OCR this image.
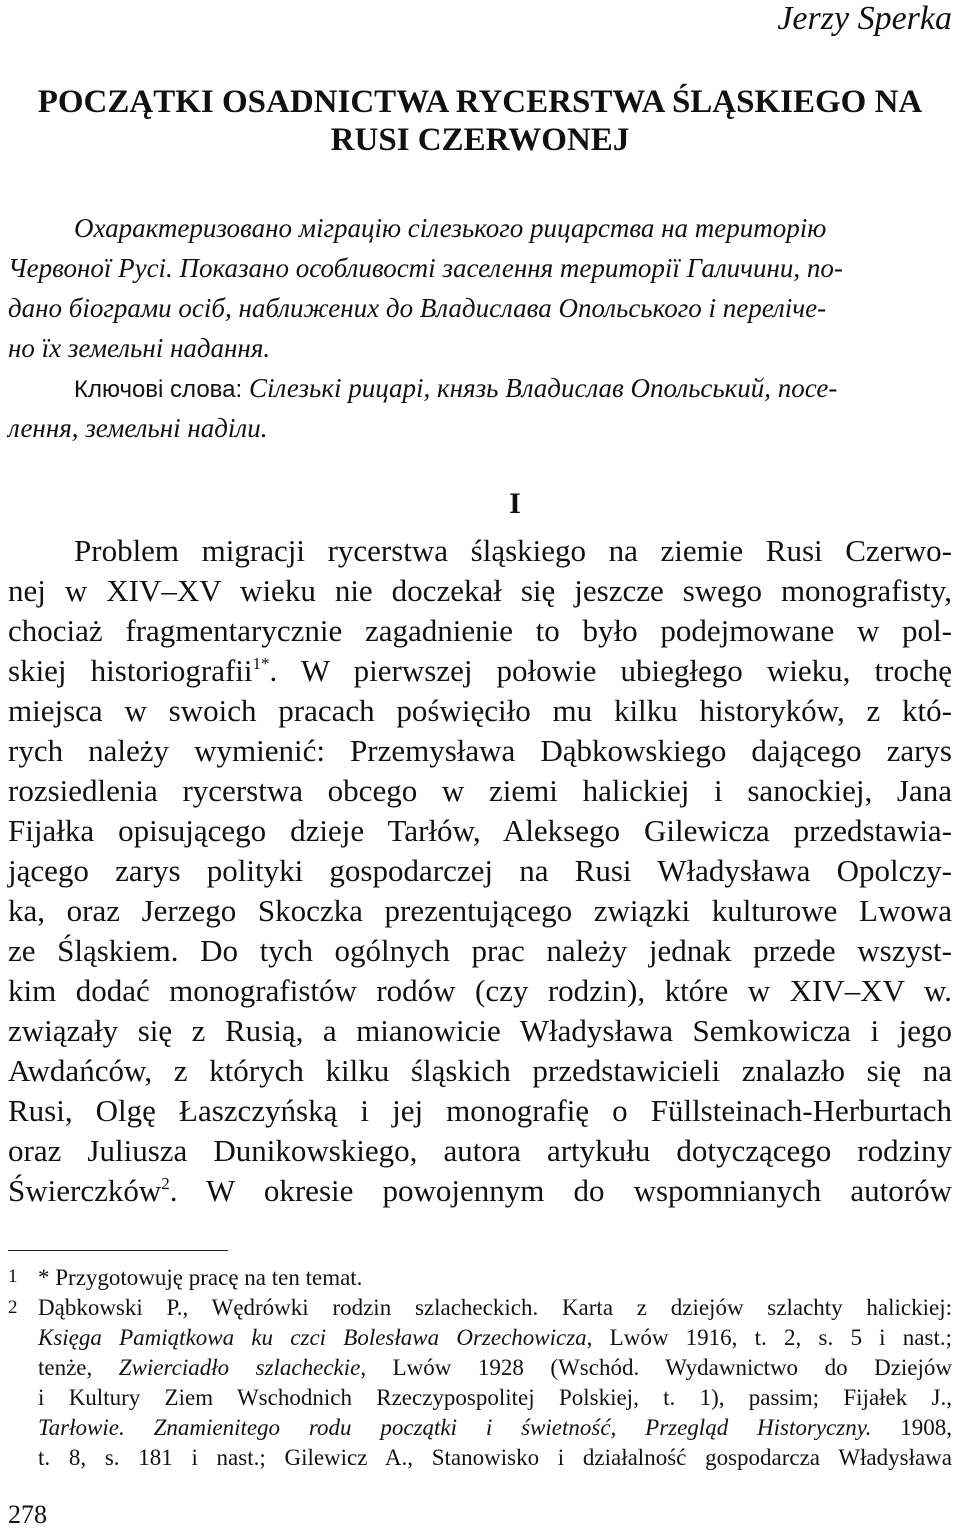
Jerzy Sperka
POCZĄTKI OSADNICTWA RYCERSTWA ŚLĄSKIEGO NA
RUSI CZERWONEJ
Охарактеризовано міграцію сілезького рицарства на територію
Червоної Русі. Показано особливості заселення території Галичини, по-
дано біограми осіб, наближених до Владислава Опольського і переліче-
но їх земельні надання.
Ключові слова: Сілезькі рицарі, князь Владислав Опольський, посе-
лення, земельні наділи.
I
Problem migracji rycerstwa śląskiego na ziemie Rusi Czerwo-
nej w XIV–XV wieku nie doczekał się jeszcze swego monografisty,
chociaż fragmentarycznie zagadnienie to było podejmowane w pol-
skiej historiografii$^{1*}$. W pierwszej połowie ubiegłego wieku, trochę
miejsca w swoich pracach poświęciło mu kilku historyków, z któ-
rych należy wymienić: Przemysława Dąbkowskiego dającego zarys
rozsiedlenia rycerstwa obcego w ziemi halickiej i sanockiej, Jana
Fijałka opisującego dzieje Tarłów, Aleksego Gilewicza przedstawia-
jącego zarys polityki gospodarczej na Rusi Władysława Opolczy-
ka, oraz Jerzego Skoczka prezentującego związki kulturowe Lwowa
ze Śląskiem. Do tych ogólnych prac należy jednak przede wszyst-
kim dodać monografistów rodów (czy rodzin), które w XIV–XV w.
związały się z Rusią, a mianowicie Władysława Semkowicza i jego
Awdańców, z których kilku śląskich przedstawicieli znalazło się na
Rusi, Olgę Łaszczyńską i jej monografię o Füllsteinach-Herburtach
oraz Juliusza Dunikowskiego, autora artykułu dotyczącego rodziny
Świerczków$^2$. W okresie powojennym do wspomnianych autorów
1 * Przygotowuję pracę na ten temat.
2 Dąbkowski P., Wędrówki rodzin szlacheckich. Karta z dziejów szlachty halickiej:
Księga Pamiątkowa ku czci Bolesława Orzechowicza, Lwów 1916, t. 2, s. 5 i nast.;
tenże, Zwierciadło szlacheckie, Lwów 1928 (Wschód. Wydawnictwo do Dziejów
i Kultury Ziem Wschodnich Rzeczypospolitej Polskiej, t. 1), passim; Fijałek J.,
Tarłowie. Znamienitego rodu początki i świetność, Przegląd Historyczny. 1908,
t. 8, s. 181 i nast.; Gilewicz A., Stanowisko i działalność gospodarcza Władysława
278
